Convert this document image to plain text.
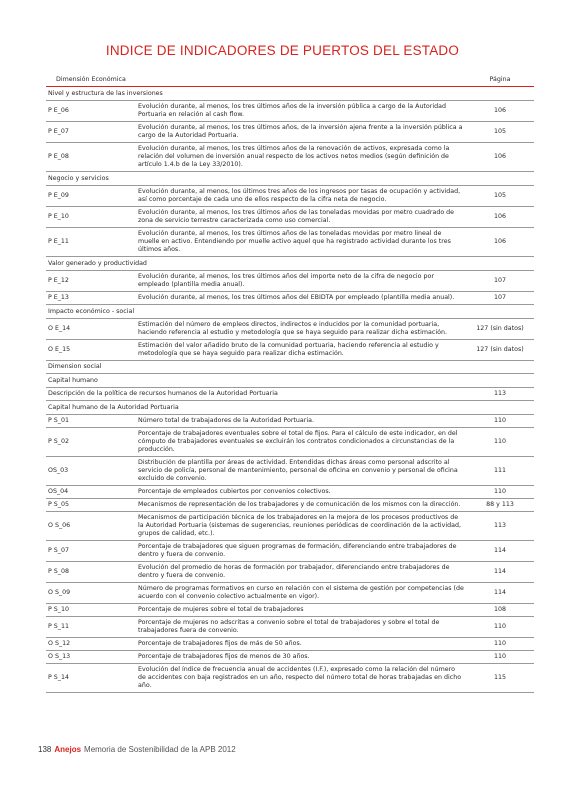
INDICE DE INDICADORES DE PUERTOS DEL ESTADO
Dimensión Económica		Página
Nivel y estructura de las inversiones		
P E_06	Evolución durante, al menos, los tres últimos años de la inversión pública a cargo de la Autoridad Portuaria en relación al cash flow.	106
P E_07	Evolución durante, al menos, los tres últimos años, de la inversión ajena frente a la inversión pública a cargo de la Autoridad Portuaria.	105
P E_08	Evolución durante, al menos, los tres últimos años de la renovación de activos, expresada como la relación del volumen de inversión anual respecto de los activos netos medios (según definición de artículo 1.4.b de la Ley 33/2010).	106
Negocio y servicios		
P E_09	Evolución durante, al menos, los últimos tres años de los ingresos por tasas de ocupación y actividad, así como porcentaje de cada uno de ellos respecto de la cifra neta de negocio.	105
P E_10	Evolución durante, al menos, los tres últimos años de las toneladas movidas por metro cuadrado de zona de servicio terrestre caracterizada como uso comercial.	106
P E_11	Evolución durante, al menos, los tres últimos años de las toneladas movidas por metro lineal de muelle en activo. Entendiendo por muelle activo aquel que ha registrado actividad durante los tres últimos años.	106
Valor generado y productividad		
P E_12	Evolución durante, al menos, los tres últimos años del importe neto de la cifra de negocio por empleado (plantilla media anual).	107
P E_13	Evolución durante, al menos, los tres últimos años del EBIDTA por empleado (plantilla media anual).	107
Impacto económico - social		
O E_14	Estimación del número de empleos directos, indirectos e inducidos por la comunidad portuaria, haciendo referencia al estudio y metodología que se haya seguido para realizar dicha estimación.	127 (sin datos)
O E_15	Estimación del valor añadido bruto de la comunidad portuaria, haciendo referencia al estudio y metodología que se haya seguido para realizar dicha estimación.	127 (sin datos)
Dimension social		
Capital humano		
Descripción de la política de recursos humanos de la Autoridad Portuaria		113
Capital humano de la Autoridad Portuaria		
P S_01	Número total de trabajadores de la Autoridad Portuaria.	110
P S_02	Porcentaje de trabajadores eventuales sobre el total de fijos. Para el cálculo de este indicador, en del cómputo de trabajadores eventuales se excluirán los contratos condicionados a circunstancias de la producción.	110
OS_03	Distribución de plantilla por áreas de actividad. Entendidas dichas áreas como personal adscrito al servicio de policía, personal de mantenimiento, personal de oficina en convenio y personal de oficina excluido de convenio.	111
OS_04	Porcentaje de empleados cubiertos por convenios colectivos.	110
P S_05	Mecanismos de representación de los trabajadores y de comunicación de los mismos con la dirección.	88 y 113
O S_06	Mecanismos de participación técnica de los trabajadores en la mejora de los procesos productivos de la Autoridad Portuaria (sistemas de sugerencias, reuniones periódicas de coordinación de la actividad, grupos de calidad, etc.).	113
P S_07	Porcentaje de trabajadores que siguen programas de formación, diferenciando entre trabajadores de dentro y fuera de convenio.	114
P S_08	Evolución del promedio de horas de formación por trabajador, diferenciando entre trabajadores de dentro y fuera de convenio.	114
O S_09	Número de programas formativos en curso en relación con el sistema de gestión por competencias (de acuerdo con el convenio colectivo actualmente en vigor).	114
P S_10	Porcentaje de mujeres sobre el total de trabajadores	108
P S_11	Porcentaje de mujeres no adscritas a convenio sobre el total de trabajadores y sobre el total de trabajadores fuera de convenio.	110
O S_12	Porcentaje de trabajadores fijos de más de 50 años.	110
O S_13	Porcentaje de trabajadores fijos de menos de 30 años.	110
P S_14	Evolución del índice de frecuencia anual de accidentes (I.F.), expresado como la relación del número de accidentes con baja registrados en un año, respecto del número total de horas trabajadas en dicho año.	115
138 Anejos Memoria de Sostenibilidad de la APB 2012
